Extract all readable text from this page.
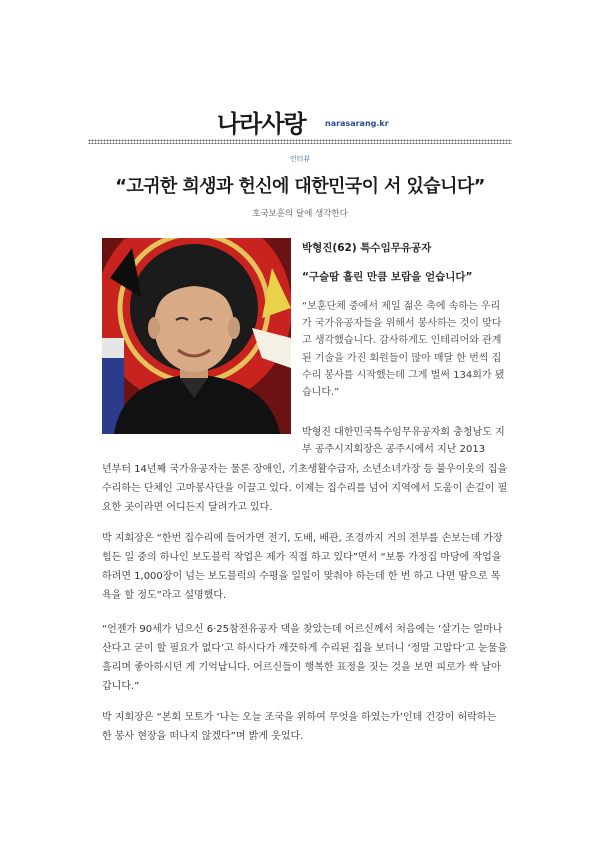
나라사랑 narasarang.kr
인터뷰
“고귀한 희생과 헌신에 대한민국이 서 있습니다”
호국보훈의 달에 생각한다
박형진(62) 특수임무유공자
“구슬땀 흘린 만큼 보람을 얻습니다”
“보훈단체 중에서 제일 젊은 축에 속하는 우리가 국가유공자들을 위해서 봉사하는 것이 맞다고 생각했습니다. 감사하게도 인테리어와 관계된 기술을 가진 회원들이 많아 매달 한 번씩 집수리 봉사를 시작했는데 그게 벌써 134회가 됐습니다.”
박형진 대한민국특수임무유공자회 충청남도 지부 공주시지회장은 공주시에서 지난 2013
년부터 14년째 국가유공자는 물론 장애인, 기초생활수급자, 소년소녀가장 등 불우이웃의 집을 수리하는 단체인 고마봉사단을 이끌고 있다. 이제는 집수리를 넘어 지역에서 도움이 손길이 필요한 곳이라면 어디든지 달려가고 있다.
박 지회장은 “한번 집수리에 들어가면 전기, 도배, 배관, 조경까지 거의 전부를 손보는데 가장 힘든 일 중의 하나인 보도블럭 작업은 제가 직접 하고 있다”면서 “보통 가정집 마당에 작업을 하려면 1,000장이 넘는 보도블럭의 수평을 일일이 맞춰야 하는데 한 번 하고 나면 땀으로 목욕을 할 정도”라고 설명했다.
“언젠가 90세가 넘으신 6·25참전유공자 댁을 찾았는데 어르신께서 처음에는 ‘살기는 얼마나 산다고 굳이 할 필요가 없다’고 하시다가 깨끗하게 수리된 집을 보더니 ‘정말 고맙다’고 눈물을 흘리며 좋아하시던 게 기억납니다. 어르신들이 행복한 표정을 짓는 것을 보면 피로가 싹 날아갑니다.”
박 지회장은 “본회 모토가 ‘나는 오늘 조국을 위하여 무엇을 하였는가’인데 건강이 허락하는 한 봉사 현장을 떠나지 않겠다”며 밝게 웃었다.
